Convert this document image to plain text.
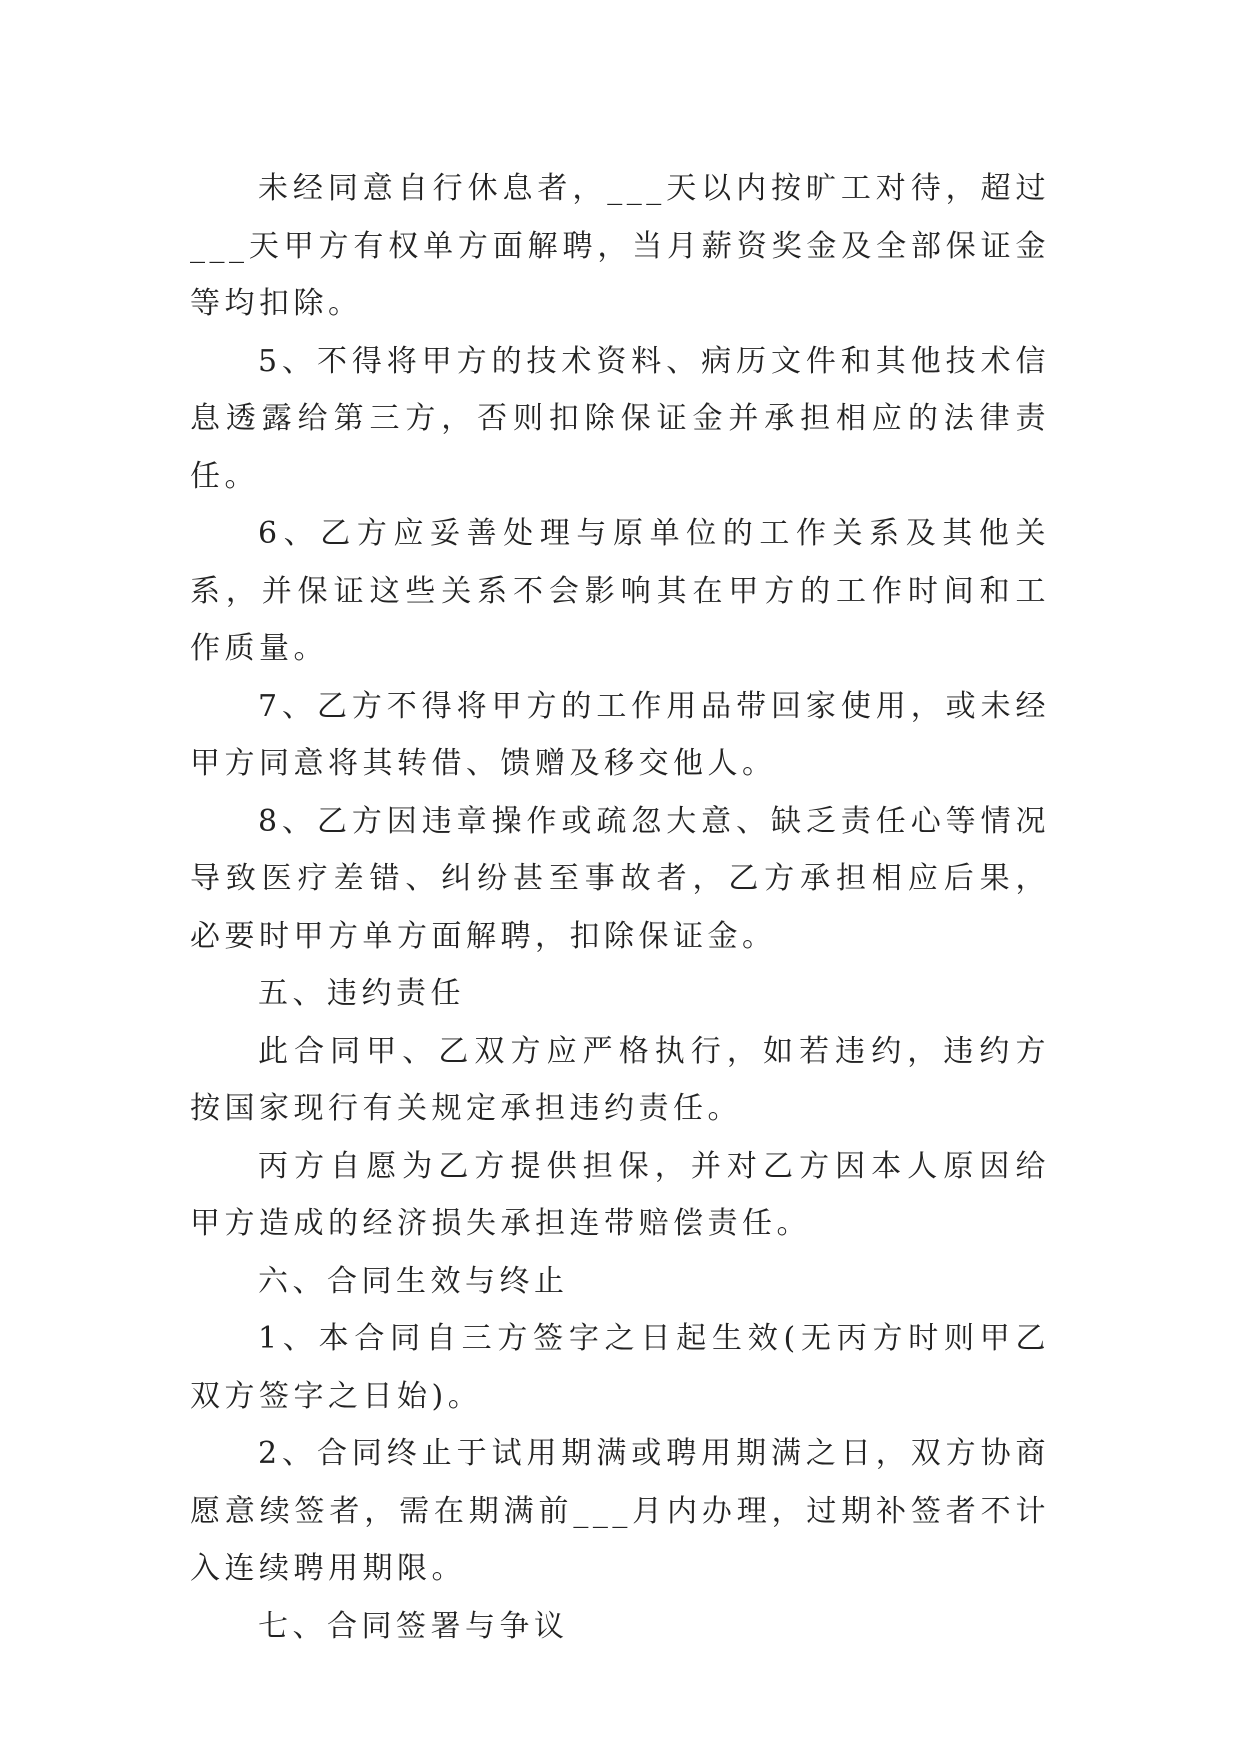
未经同意自行休息者，___天以内按旷工对待，超过___天甲方有权单方面解聘，当月薪资奖金及全部保证金等均扣除。

5、不得将甲方的技术资料、病历文件和其他技术信息透露给第三方，否则扣除保证金并承担相应的法律责任。

6、乙方应妥善处理与原单位的工作关系及其他关系，并保证这些关系不会影响其在甲方的工作时间和工作质量。

7、乙方不得将甲方的工作用品带回家使用，或未经甲方同意将其转借、馈赠及移交他人。

8、乙方因违章操作或疏忽大意、缺乏责任心等情况导致医疗差错、纠纷甚至事故者，乙方承担相应后果，必要时甲方单方面解聘，扣除保证金。

五、违约责任

此合同甲、乙双方应严格执行，如若违约，违约方按国家现行有关规定承担违约责任。

丙方自愿为乙方提供担保，并对乙方因本人原因给甲方造成的经济损失承担连带赔偿责任。

六、合同生效与终止

1、本合同自三方签字之日起生效(无丙方时则甲乙双方签字之日始)。

2、合同终止于试用期满或聘用期满之日，双方协商愿意续签者，需在期满前___月内办理，过期补签者不计入连续聘用期限。

七、合同签署与争议
